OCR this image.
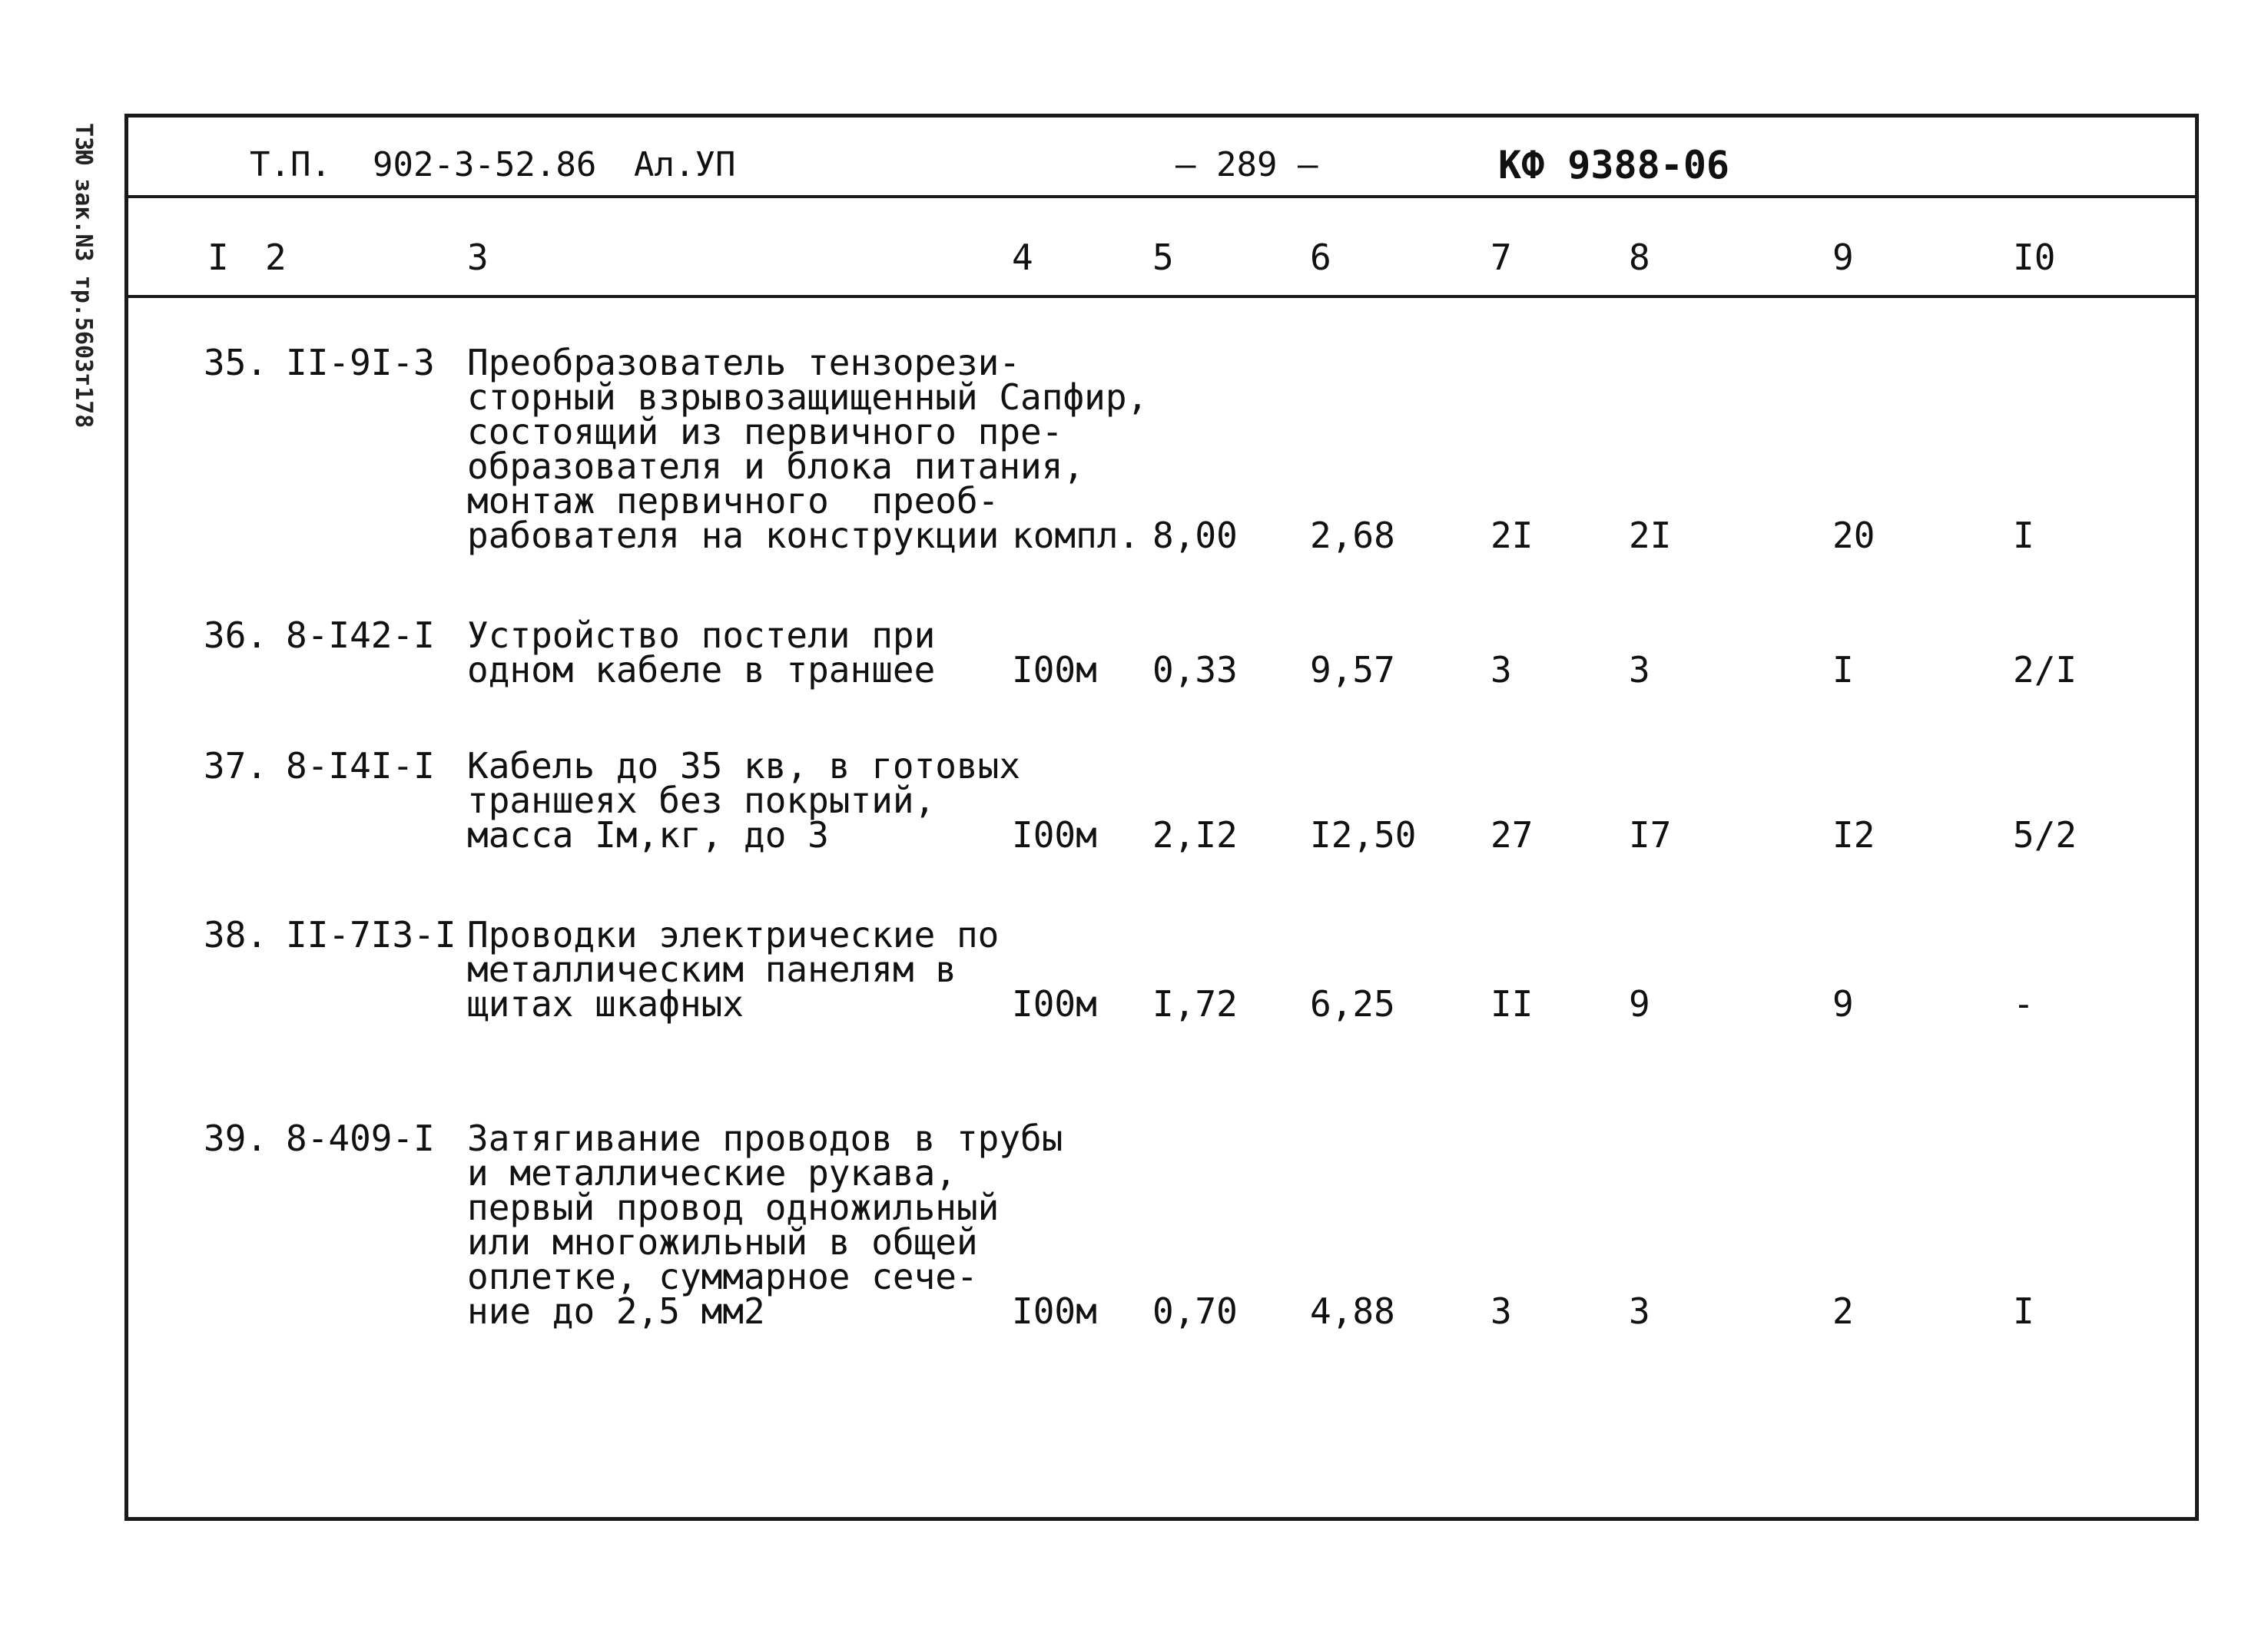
ТЗЮ зак.N3 тр.5603т178	Т.П. 902-3-52.86 Ал.УП	– 289 –	КФ 9388-06
I 2	3	4	5	6	7	8	9	I0
35. II-9I-3 Преобразователь тензорези-
сторный взрывозащищенный Сапфир,
состоящий из первичного пре-
образователя и блока питания,
монтаж первичного  преоб-
рабователя на конструкции компл. 8,00 2,68	2I	2I	20	I
36. 8-I42-I Устройство постели при
одном кабеле в траншее I00м 0,33 9,57	3	3	I	2/I
37. 8-I4I-I Кабель до 35 кв, в готовых
траншеях без покрытий,
масса Iм,кг, до 3	I00м 2,I2 I2,50 27	I7	I2	5/2
38. II-7I3-I Проводки электрические по
металлическим панелям в
щитах шкафных	I00м I,72 6,25	II	9	9	-
39. 8-409-I Затягивание проводов в трубы
и металлические рукава,
первый провод одножильный
или многожильный в общей
оплетке, суммарное сече-
ние до 2,5 мм2	I00м 0,70 4,88	3	3	2	I
